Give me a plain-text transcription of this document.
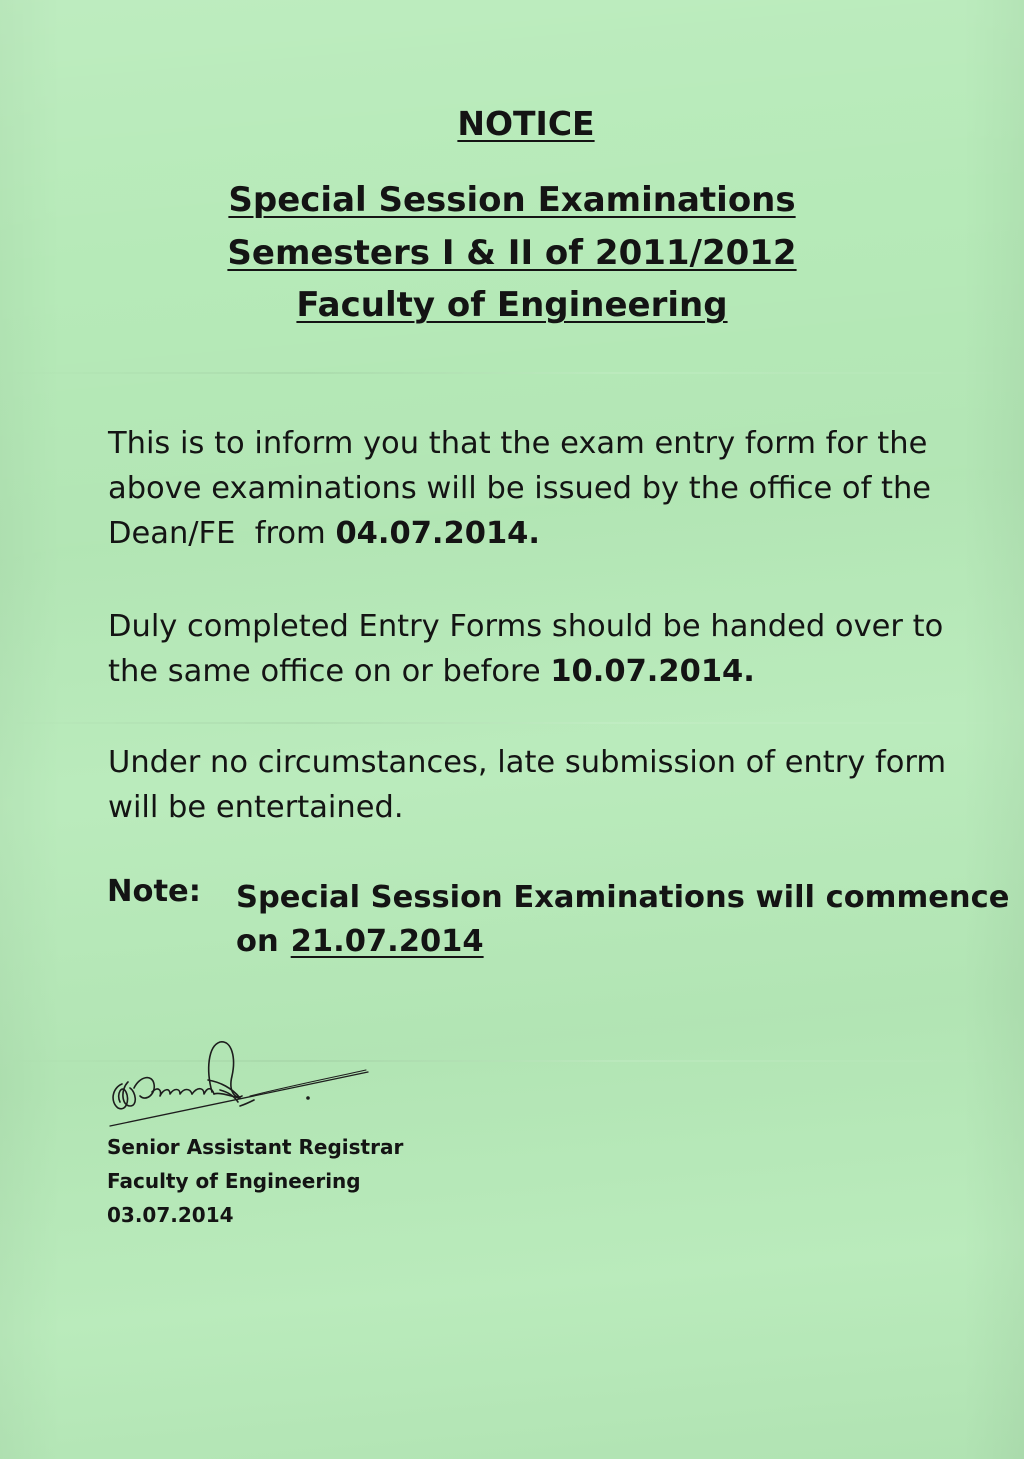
NOTICE
Special Session Examinations
Semesters I & II of 2011/2012
Faculty of Engineering
This is to inform you that the exam entry form for the
above examinations will be issued by the office of the
Dean/FE  from 04.07.2014.
Duly completed Entry Forms should be handed over to
the same office on or before 10.07.2014.
Under no circumstances, late submission of entry form
will be entertained.
Note: Special Session Examinations will commence
on 21.07.2014
Senior Assistant Registrar
Faculty of Engineering
03.07.2014
